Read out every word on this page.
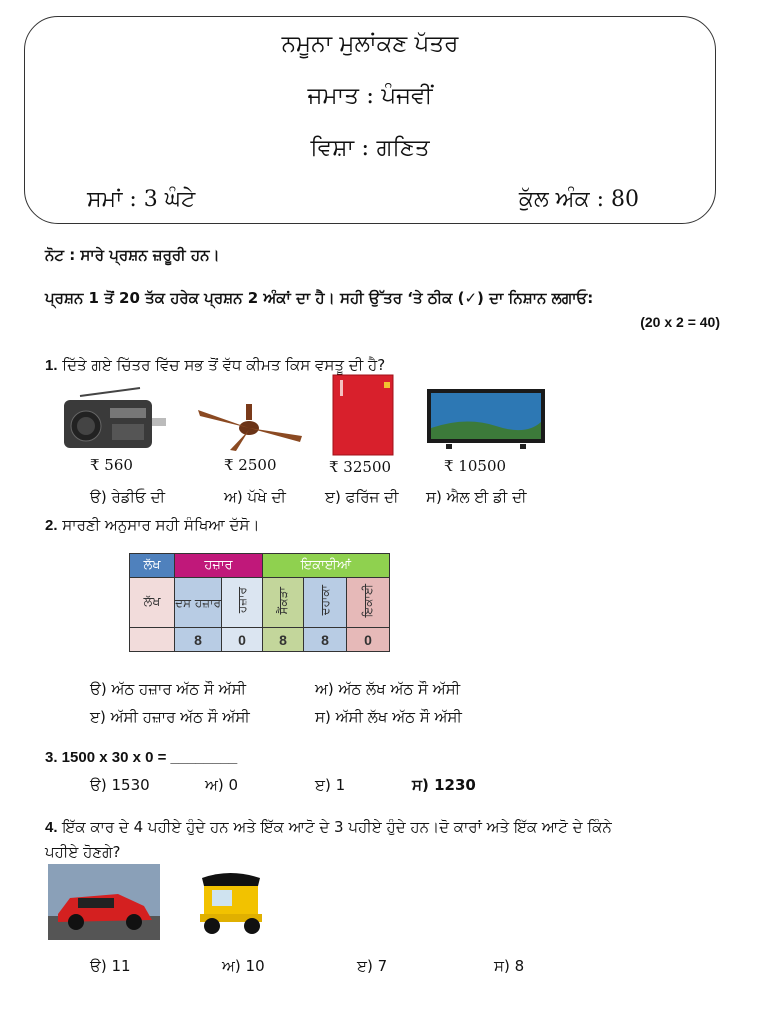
ਨਮੂਨਾ ਮੁਲਾਂਕਣ ਪੱਤਰ
ਜਮਾਤ : ਪੰਜਵੀਂ
ਵਿਸ਼ਾ : ਗਣਿਤ
ਸਮਾਂ : 3 ਘੰਟੇ	ਕੁੱਲ ਅੰਕ : 80
ਨੋਟ : ਸਾਰੇ ਪ੍ਰਸ਼ਨ ਜ਼ਰੂਰੀ ਹਨ।
ਪ੍ਰਸ਼ਨ 1 ਤੋਂ 20 ਤੱਕ ਹਰੇਕ ਪ੍ਰਸ਼ਨ 2 ਅੰਕਾਂ ਦਾ ਹੈ। ਸਹੀ ਉੱਤਰ ‘ਤੇ ਠੀਕ (✓) ਦਾ ਨਿਸ਼ਾਨ ਲਗਾਓ:
(20 x 2 = 40)
1. ਦਿੱਤੇ ਗਏ ਚਿੱਤਰ ਵਿੱਚ ਸਭ ਤੋਂ ਵੱਧ ਕੀਮਤ ਕਿਸ ਵਸਤੂ ਦੀ ਹੈ?
₹ 560	₹ 2500	₹ 32500	₹ 10500
ੳ) ਰੇਡੀਓ ਦੀ	ਅ) ਪੱਖੇ ਦੀ	ੲ) ਫਰਿੱਜ ਦੀ ਸ) ਐਲ ਈ ਡੀ ਦੀ
2. ਸਾਰਣੀ ਅਨੁਸਾਰ ਸਹੀ ਸੰਖਿਆ ਦੱਸੋ।
ਲੱਖ	ਹਜ਼ਾਰ		ਇਕਾਈਆਂ		
ਲੱਖ	ਦਸ ਹਜ਼ਾਰ	ਹਜ਼ਾਰ	ਸੈਂਕੜਾ	ਦਹਾਕਾ	ਇਕਾਈ
	8	0	8	8	0
ੳ) ਅੱਠ ਹਜ਼ਾਰ ਅੱਠ ਸੌ ਅੱਸੀ	ਅ) ਅੱਠ ਲੱਖ ਅੱਠ ਸੌ ਅੱਸੀ
ੲ) ਅੱਸੀ ਹਜ਼ਾਰ ਅੱਠ ਸੌ ਅੱਸੀ	ਸ) ਅੱਸੀ ਲੱਖ ਅੱਠ ਸੌ ਅੱਸੀ
3. 1500 x 30 x 0 = ________
ੳ) 1530	ਅ) 0	ੲ) 1	ਸ) 1230
4. ਇੱਕ ਕਾਰ ਦੇ 4 ਪਹੀਏ ਹੁੰਦੇ ਹਨ ਅਤੇ ਇੱਕ ਆਟੋ ਦੇ 3 ਪਹੀਏ ਹੁੰਦੇ ਹਨ।ਦੋ ਕਾਰਾਂ ਅਤੇ ਇੱਕ ਆਟੋ ਦੇ ਕਿੰਨੇ
ਪਹੀਏ ਹੋਣਗੇ?
ੳ) 11	ਅ) 10	ੲ) 7	ਸ) 8
